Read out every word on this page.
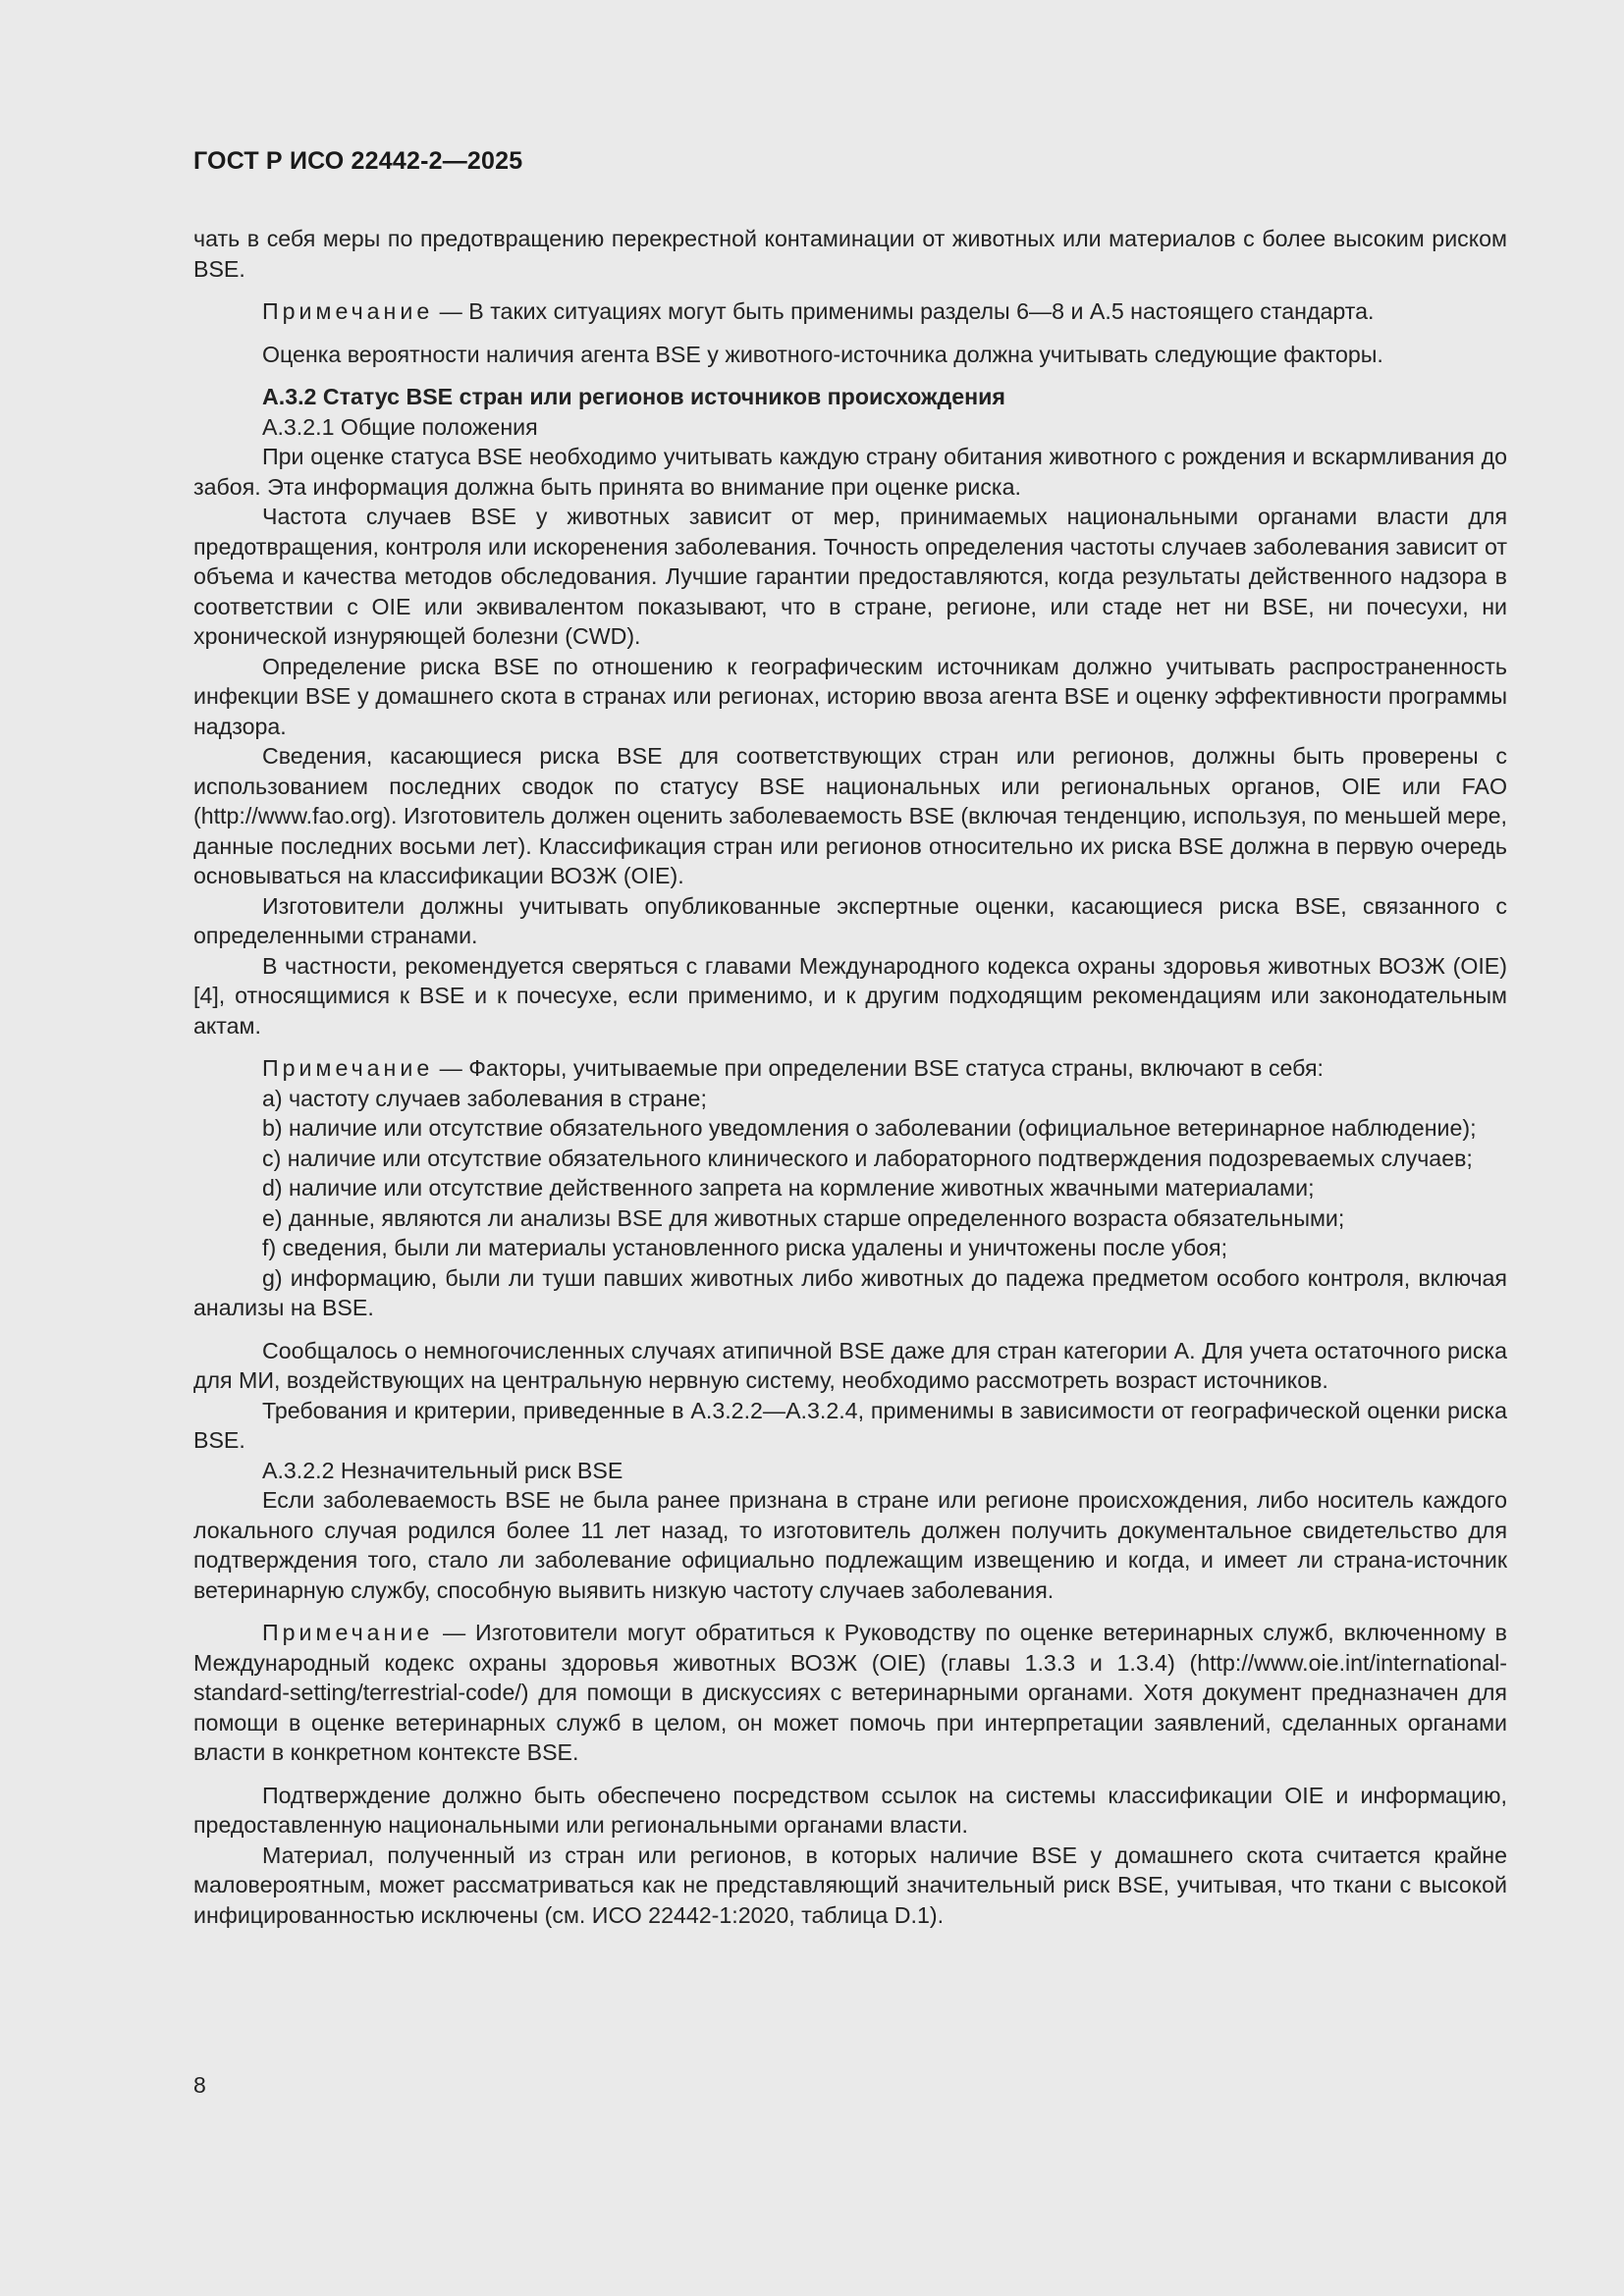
ГОСТ Р ИСО 22442-2—2025

чать в себя меры по предотвращению перекрестной контаминации от животных или материалов с более высоким риском BSE.

Примечание — В таких ситуациях могут быть применимы разделы 6—8 и А.5 настоящего стандарта.

Оценка вероятности наличия агента BSE у животного-источника должна учитывать следующие факторы.

А.3.2 Статус BSE стран или регионов источников происхождения

А.3.2.1 Общие положения

При оценке статуса BSE необходимо учитывать каждую страну обитания животного с рождения и вскармливания до забоя. Эта информация должна быть принята во внимание при оценке риска.

Частота случаев BSE у животных зависит от мер, принимаемых национальными органами власти для предотвращения, контроля или искоренения заболевания. Точность определения частоты случаев заболевания зависит от объема и качества методов обследования. Лучшие гарантии предоставляются, когда результаты действенного надзора в соответствии с OIE или эквивалентом показывают, что в стране, регионе, или стаде нет ни BSE, ни почесухи, ни хронической изнуряющей болезни (CWD).

Определение риска BSE по отношению к географическим источникам должно учитывать распространенность инфекции BSE у домашнего скота в странах или регионах, историю ввоза агента BSE и оценку эффективности программы надзора.

Сведения, касающиеся риска BSE для соответствующих стран или регионов, должны быть проверены с использованием последних сводок по статусу BSE национальных или региональных органов, OIE или FAO (http://www.fao.org). Изготовитель должен оценить заболеваемость BSE (включая тенденцию, используя, по меньшей мере, данные последних восьми лет). Классификация стран или регионов относительно их риска BSE должна в первую очередь основываться на классификации ВОЗЖ (OIE).

Изготовители должны учитывать опубликованные экспертные оценки, касающиеся риска BSE, связанного с определенными странами.

В частности, рекомендуется сверяться с главами Международного кодекса охраны здоровья животных ВОЗЖ (OIE) [4], относящимися к BSE и к почесухе, если применимо, и к другим подходящим рекомендациям или законодательным актам.

Примечание — Факторы, учитываемые при определении BSE статуса страны, включают в себя:

a) частоту случаев заболевания в стране;

b) наличие или отсутствие обязательного уведомления о заболевании (официальное ветеринарное наблюдение);

c) наличие или отсутствие обязательного клинического и лабораторного подтверждения подозреваемых случаев;

d) наличие или отсутствие действенного запрета на кормление животных жвачными материалами;

e) данные, являются ли анализы BSE для животных старше определенного возраста обязательными;

f) сведения, были ли материалы установленного риска удалены и уничтожены после убоя;

g) информацию, были ли туши павших животных либо животных до падежа предметом особого контроля, включая анализы на BSE.

Сообщалось о немногочисленных случаях атипичной BSE даже для стран категории А. Для учета остаточного риска для МИ, воздействующих на центральную нервную систему, необходимо рассмотреть возраст источников.

Требования и критерии, приведенные в А.3.2.2—А.3.2.4, применимы в зависимости от географической оценки риска BSE.

А.3.2.2 Незначительный риск BSE

Если заболеваемость BSE не была ранее признана в стране или регионе происхождения, либо носитель каждого локального случая родился более 11 лет назад, то изготовитель должен получить документальное свидетельство для подтверждения того, стало ли заболевание официально подлежащим извещению и когда, и имеет ли страна-источник ветеринарную службу, способную выявить низкую частоту случаев заболевания.

Примечание — Изготовители могут обратиться к Руководству по оценке ветеринарных служб, включенному в Международный кодекс охраны здоровья животных ВОЗЖ (OIE) (главы 1.3.3 и 1.3.4) (http://www.oie.int/international-standard-setting/terrestrial-code/) для помощи в дискуссиях с ветеринарными органами. Хотя документ предназначен для помощи в оценке ветеринарных служб в целом, он может помочь при интерпретации заявлений, сделанных органами власти в конкретном контексте BSE.

Подтверждение должно быть обеспечено посредством ссылок на системы классификации OIE и информацию, предоставленную национальными или региональными органами власти.

Материал, полученный из стран или регионов, в которых наличие BSE у домашнего скота считается крайне маловероятным, может рассматриваться как не представляющий значительный риск BSE, учитывая, что ткани с высокой инфицированностью исключены (см. ИСО 22442-1:2020, таблица D.1).

8
